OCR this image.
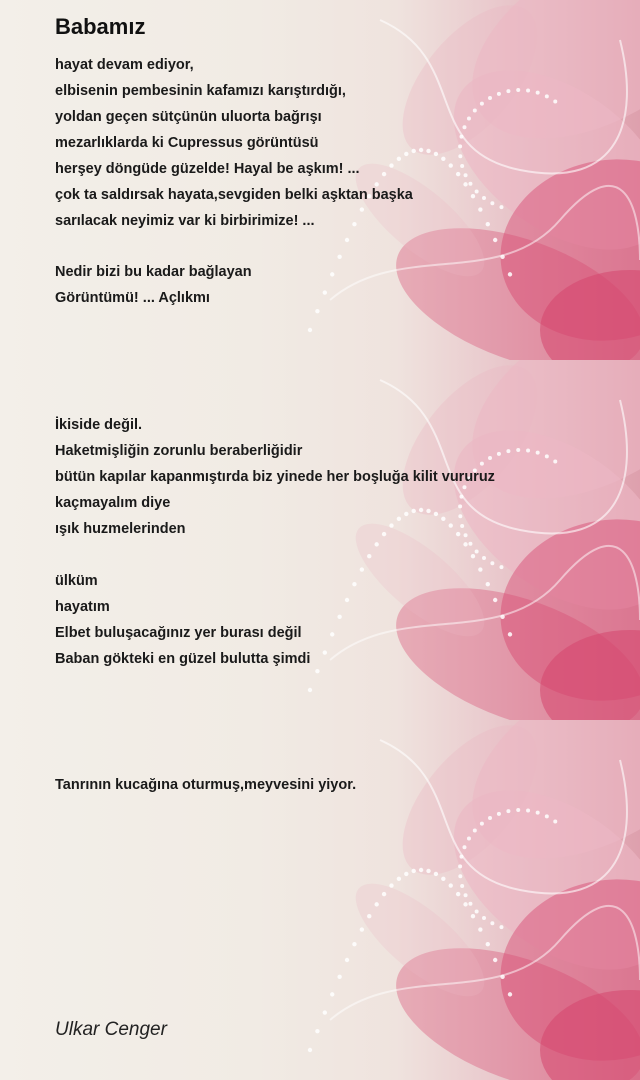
Babamız
hayat devam ediyor,
elbisenin pembesinin kafamızı karıştırdığı,
yoldan geçen sütçünün uluorta bağrışı
mezarlıklarda ki Cupressus görüntüsü
herşey döngüde güzelde! Hayal be aşkım! ...
çok ta saldırsak hayata,sevgiden belki aşktan başka
sarılacak neyimiz var ki birbirimize! ...
Nedir bizi bu kadar bağlayan
Görüntümü! ... Açlıkmı
İkiside değil.
Haketmişliğin zorunlu beraberliğidir
bütün kapılar kapanmıştırda biz yinede her boşluğa kilit vururuz
kaçmayalım diye
ışık huzmelerinden
ülküm
hayatım
Elbet buluşacağınız yer burası değil
Baban gökteki en güzel bulutta şimdi
Tanrının kucağına oturmuş,meyvesini yiyor.
Ulkar Cenger
